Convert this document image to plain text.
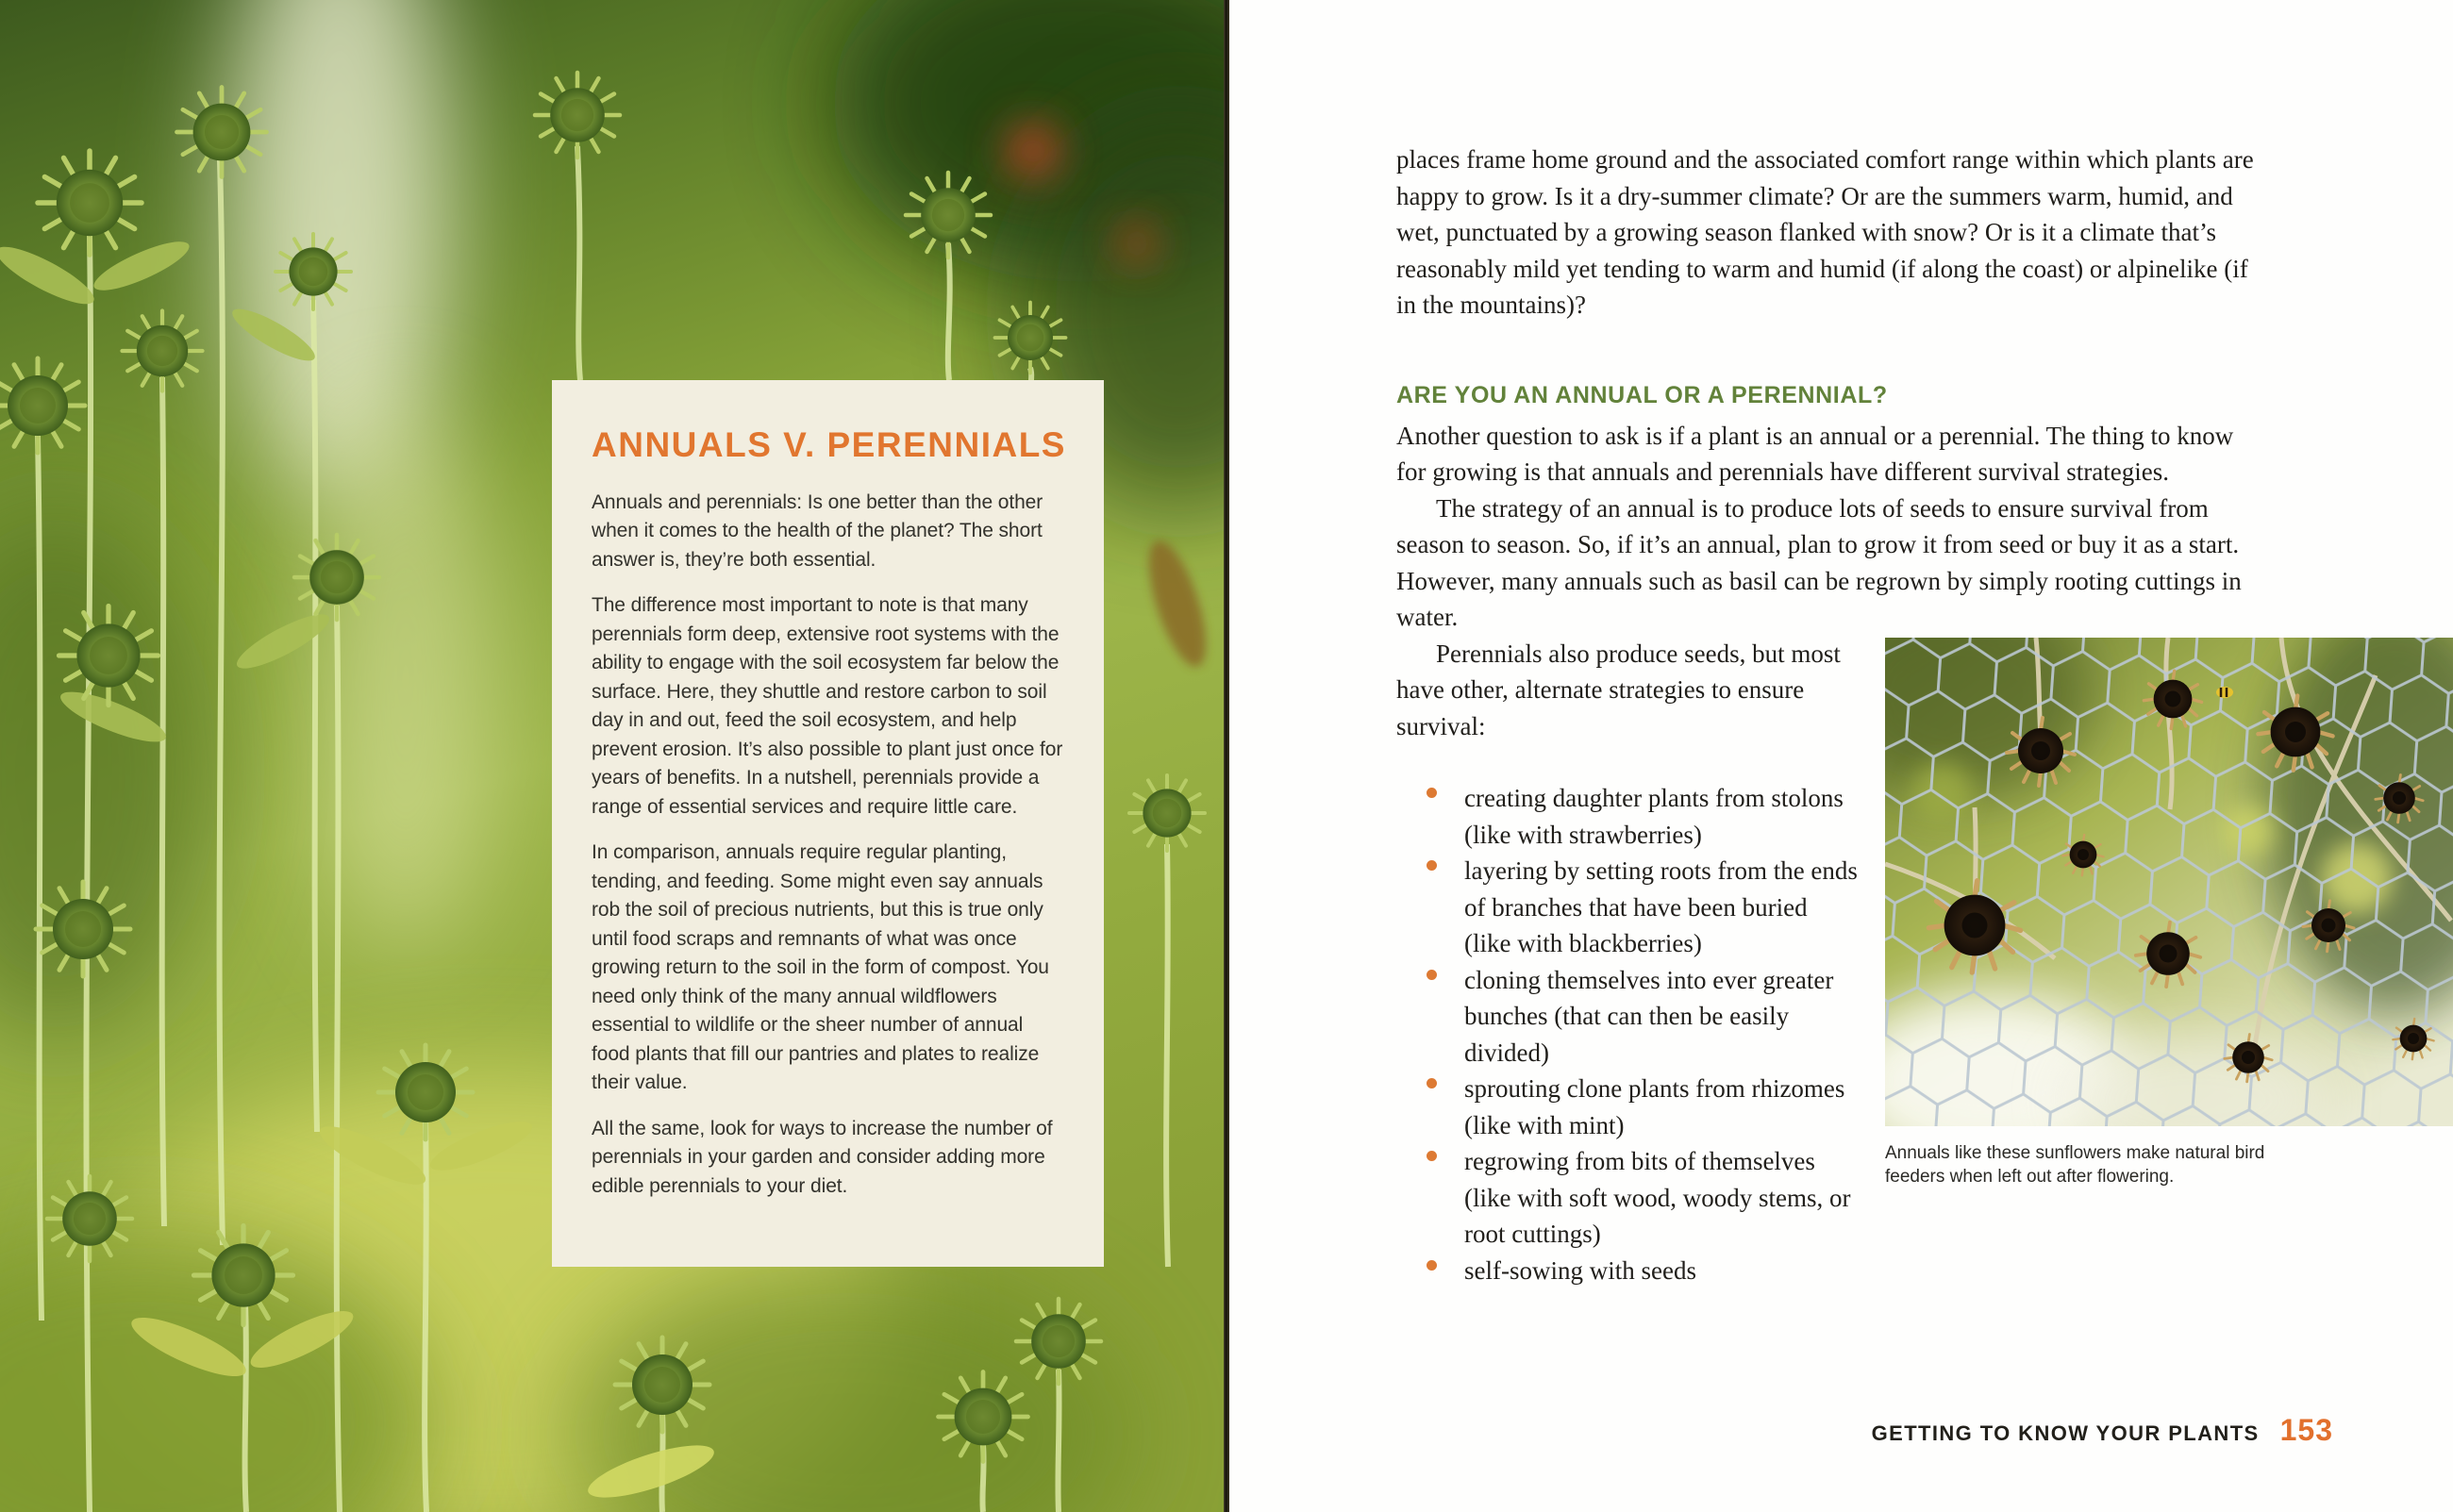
ANNUALS V. PERENNIALS

Annuals and perennials: Is one better than the other when it comes to the health of the planet? The short answer is, they’re both essential.

The difference most important to note is that many perennials form deep, extensive root systems with the ability to engage with the soil ecosystem far below the surface. Here, they shuttle and restore carbon to soil day in and out, feed the soil ecosystem, and help prevent erosion. It’s also possible to plant just once for years of benefits. In a nutshell, perennials provide a range of essential services and require little care.

In comparison, annuals require regular planting, tending, and feeding. Some might even say annuals rob the soil of precious nutrients, but this is true only until food scraps and remnants of what was once growing return to the soil in the form of compost. You need only think of the many annual wildflowers essential to wildlife or the sheer number of annual food plants that fill our pantries and plates to realize their value.

All the same, look for ways to increase the number of perennials in your garden and consider adding more edible perennials to your diet.

places frame home ground and the associated comfort range within which plants are happy to grow. Is it a dry-summer climate? Or are the summers warm, humid, and wet, punctuated by a growing season flanked with snow? Or is it a climate that’s reasonably mild yet tending to warm and humid (if along the coast) or alpinelike (if in the mountains)?

ARE YOU AN ANNUAL OR A PERENNIAL?

Another question to ask is if a plant is an annual or a perennial. The thing to know for growing is that annuals and perennials have different survival strategies.

The strategy of an annual is to produce lots of seeds to ensure survival from season to season. So, if it’s an annual, plan to grow it from seed or buy it as a start. However, many annuals such as basil can be regrown by simply rooting cuttings in water.

Annuals like these sunflowers make natural bird feeders when left out after flowering.

Perennials also produce seeds, but most have other, alternate strategies to ensure survival:

creating daughter plants from stolons (like with strawberries)
layering by setting roots from the ends of branches that have been buried (like with blackberries)
cloning themselves into ever greater bunches (that can then be easily divided)
sprouting clone plants from rhizomes (like with mint)
regrowing from bits of themselves (like with soft wood, woody stems, or root cuttings)
self-sowing with seeds
GETTING TO KNOW YOUR PLANTS 153
